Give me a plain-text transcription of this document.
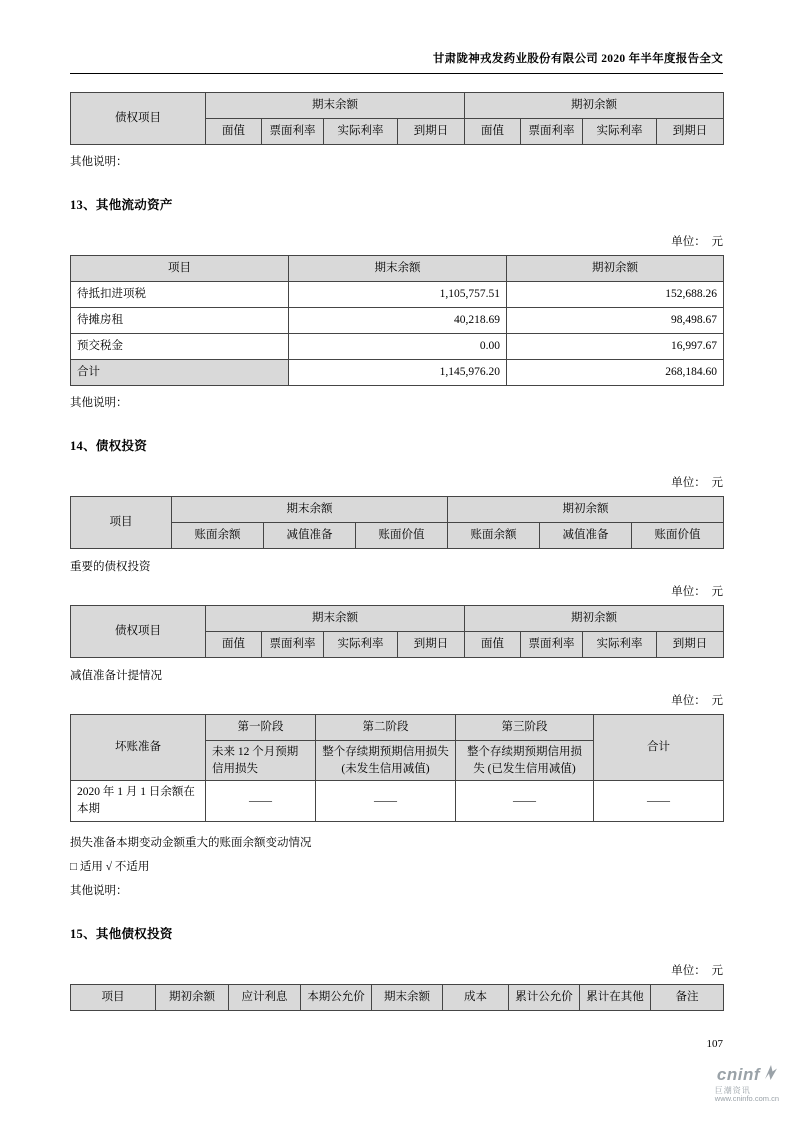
甘肃陇神戎发药业股份有限公司 2020 年半年度报告全文
债权项目	期末余额				期初余额			
	面值	票面利率	实际利率	到期日	面值	票面利率	实际利率	到期日
其他说明：
13、其他流动资产
单位：  元
项目	期末余额	期初余额
待抵扣进项税	1,105,757.51	152,688.26
待摊房租	40,218.69	98,498.67
预交税金	0.00	16,997.67
合计	1,145,976.20	268,184.60
其他说明：
14、债权投资
单位：  元
项目	期末余额			期初余额		
	账面余额	减值准备	账面价值	账面余额	减值准备	账面价值
重要的债权投资
单位：  元
债权项目	期末余额				期初余额			
	面值	票面利率	实际利率	到期日	面值	票面利率	实际利率	到期日
减值准备计提情况
单位：  元
坏账准备	第一阶段	第二阶段	第三阶段	合计
	未来 12 个月预期信用损失	整个存续期预期信用损失 (未发生信用减值)	整个存续期预期信用损失 (已发生信用减值)	
2020 年 1 月 1 日余额在本期	——	——	——	——
损失准备本期变动金额重大的账面余额变动情况
□ 适用 √ 不适用
其他说明：
15、其他债权投资
单位：  元
项目	期初余额	应计利息	本期公允价	期末余额	成本	累计公允价	累计在其他	备注
107
cninf
巨潮资讯
www.cninfo.com.cn
